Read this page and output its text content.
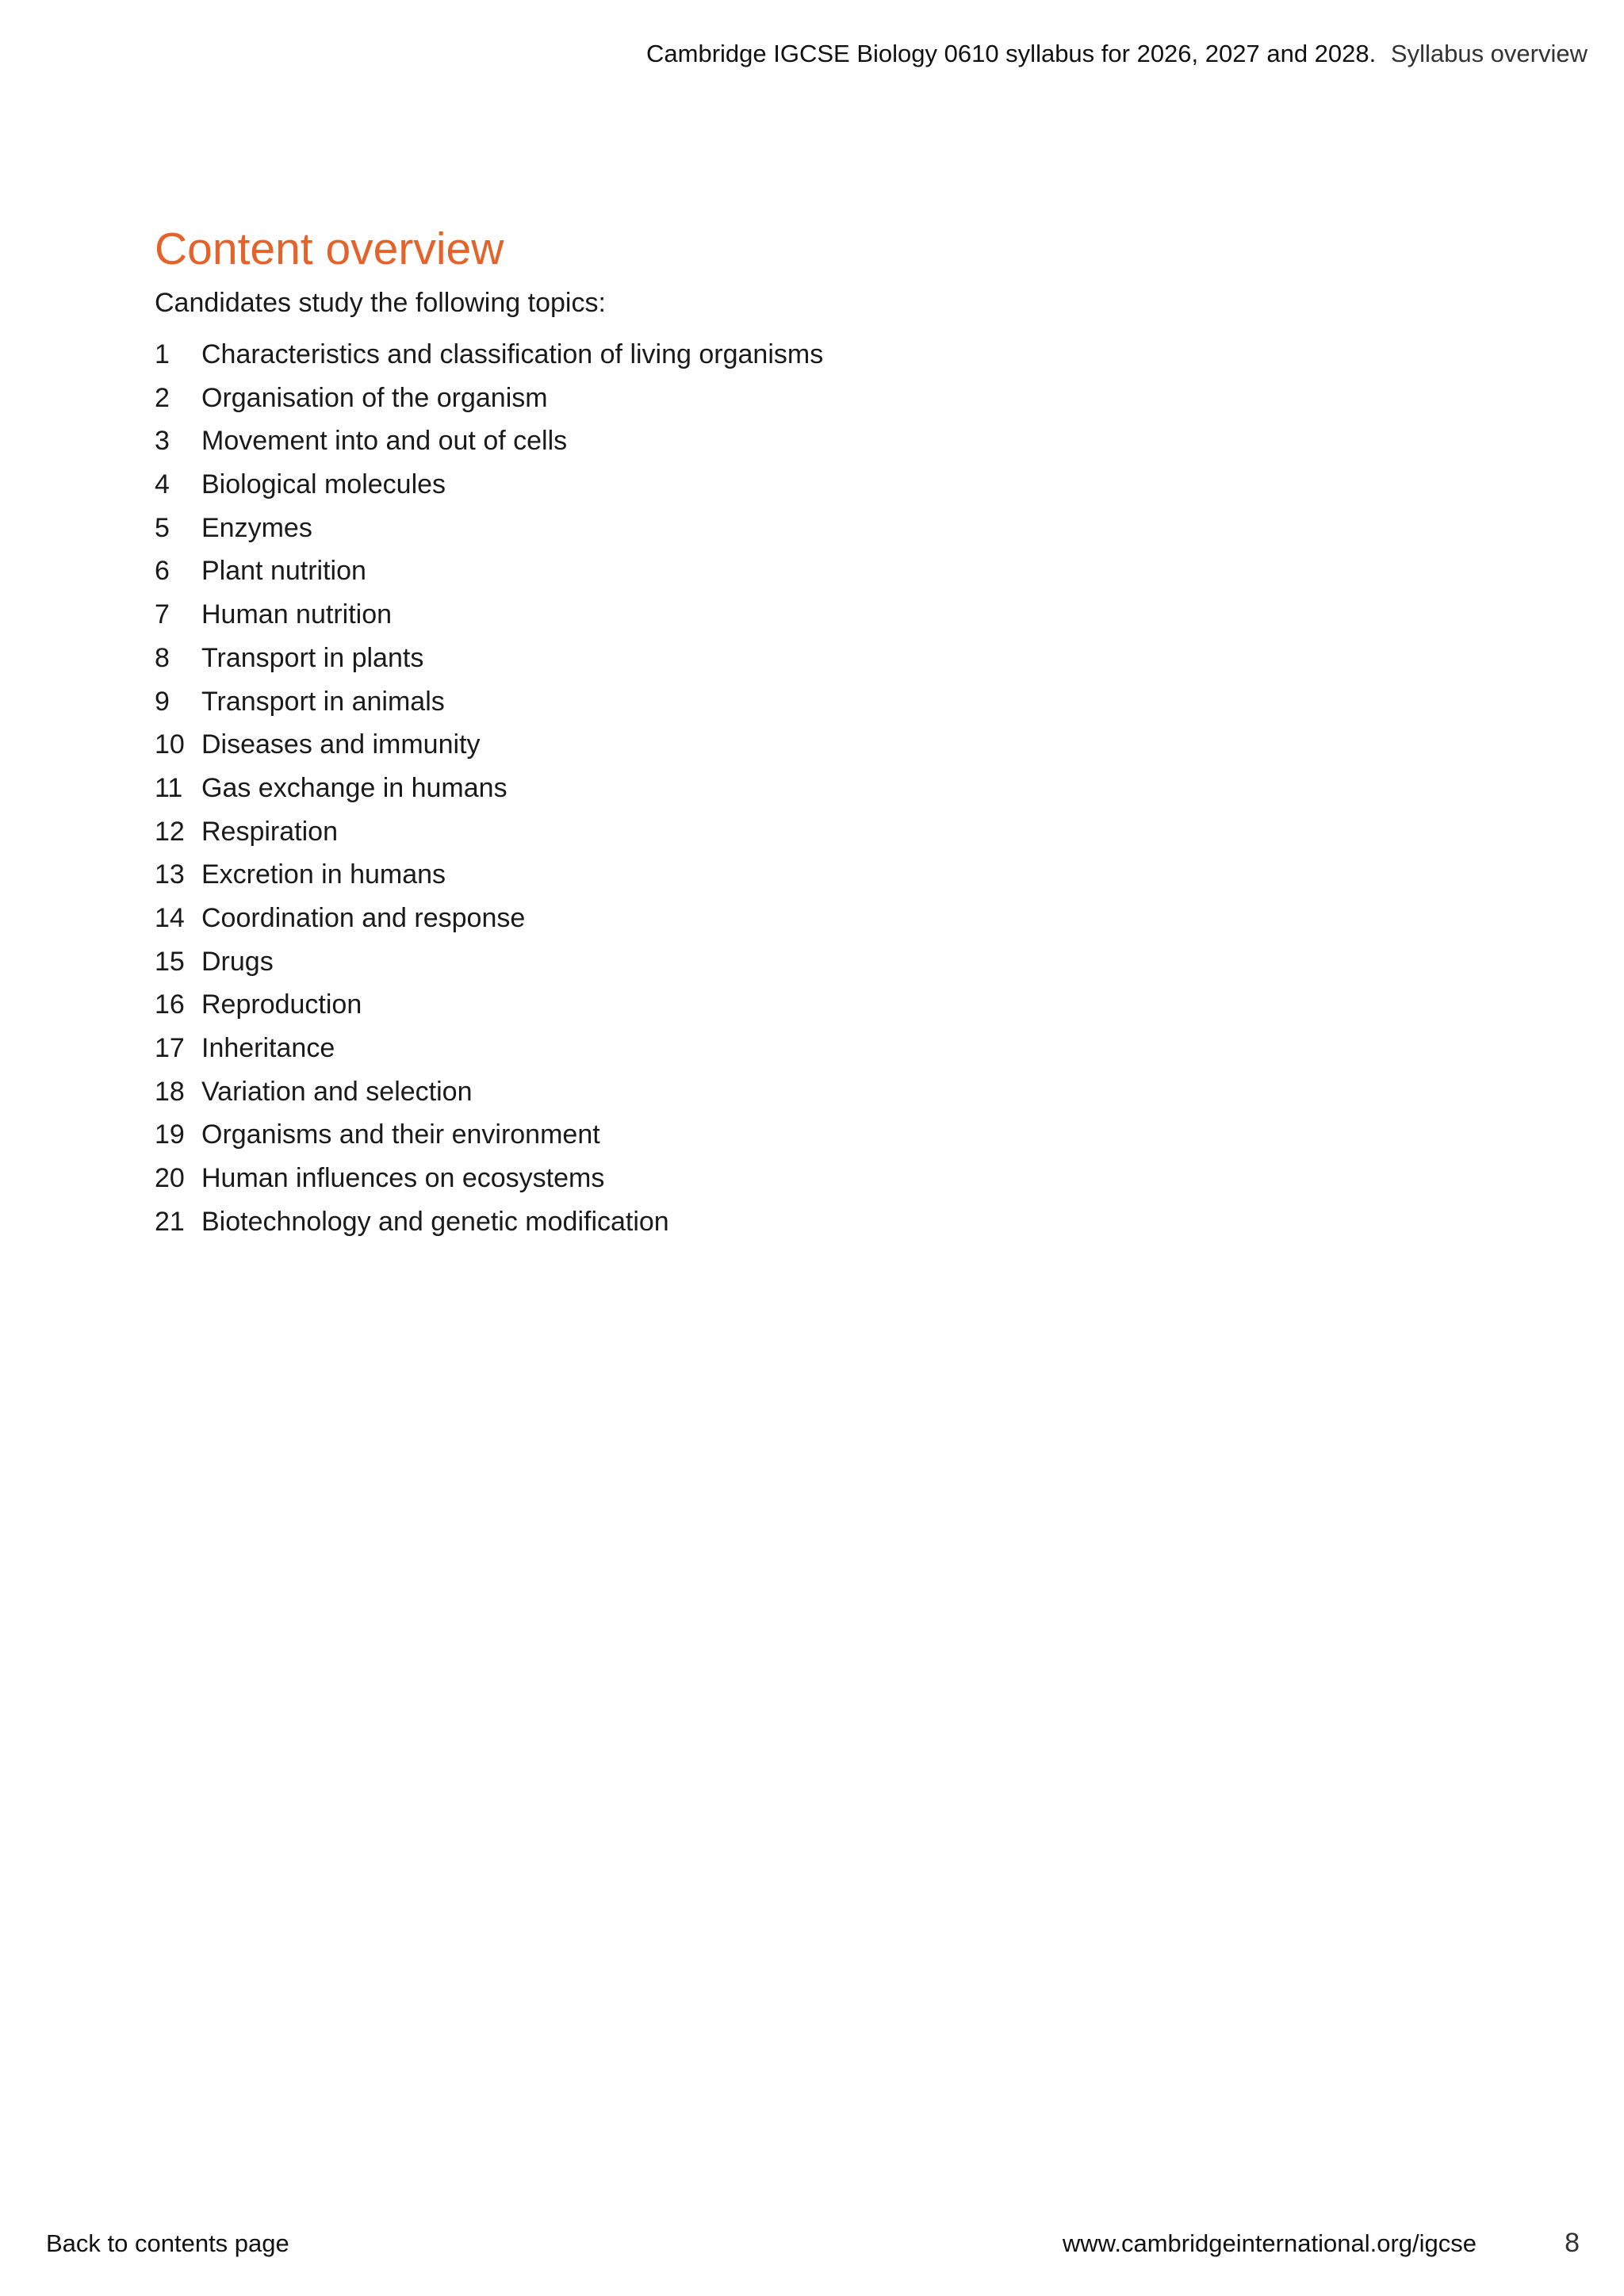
Cambridge IGCSE Biology 0610 syllabus for 2026, 2027 and 2028. Syllabus overview
Content overview
Candidates study the following topics:
1	Characteristics and classification of living organisms
2	Organisation of the organism
3	Movement into and out of cells
4	Biological molecules
5	Enzymes
6	Plant nutrition
7	Human nutrition
8	Transport in plants
9	Transport in animals
10 Diseases and immunity
11 Gas exchange in humans
12 Respiration
13 Excretion in humans
14 Coordination and response
15 Drugs
16 Reproduction
17 Inheritance
18 Variation and selection
19 Organisms and their environment
20 Human influences on ecosystems
21 Biotechnology and genetic modification
Back to contents page	www.cambridgeinternational.org/igcse	8
